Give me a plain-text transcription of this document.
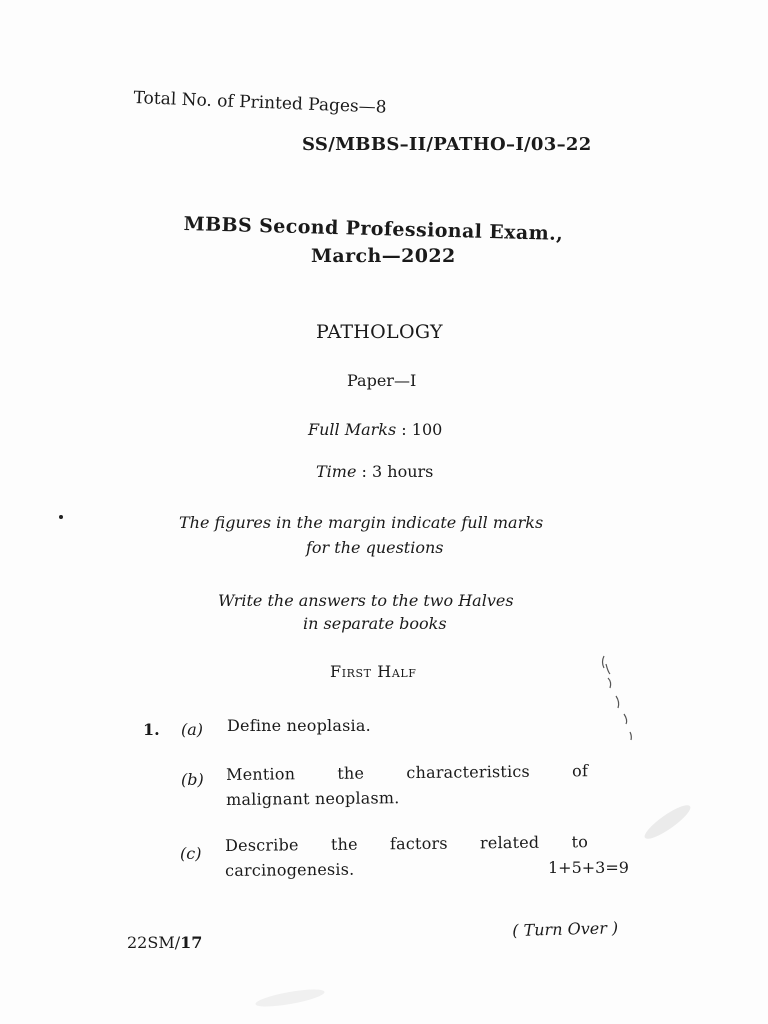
Total No. of Printed Pages—8
SS/MBBS–II/PATHO–I/03–22
MBBS Second Professional Exam.,
March—2022
PATHOLOGY
Paper—I
Full Marks : 100
Time : 3 hours
The figures in the margin indicate full marks
for the questions
Write the answers to the two Halves
in separate books
First Half
1. (a) Define neoplasia.
(b) Mention	the	characteristics	of
malignant neoplasm.
(c) Describe the factors related to
carcinogenesis.	1+5+3=9
22SM/17
( Turn Over )
